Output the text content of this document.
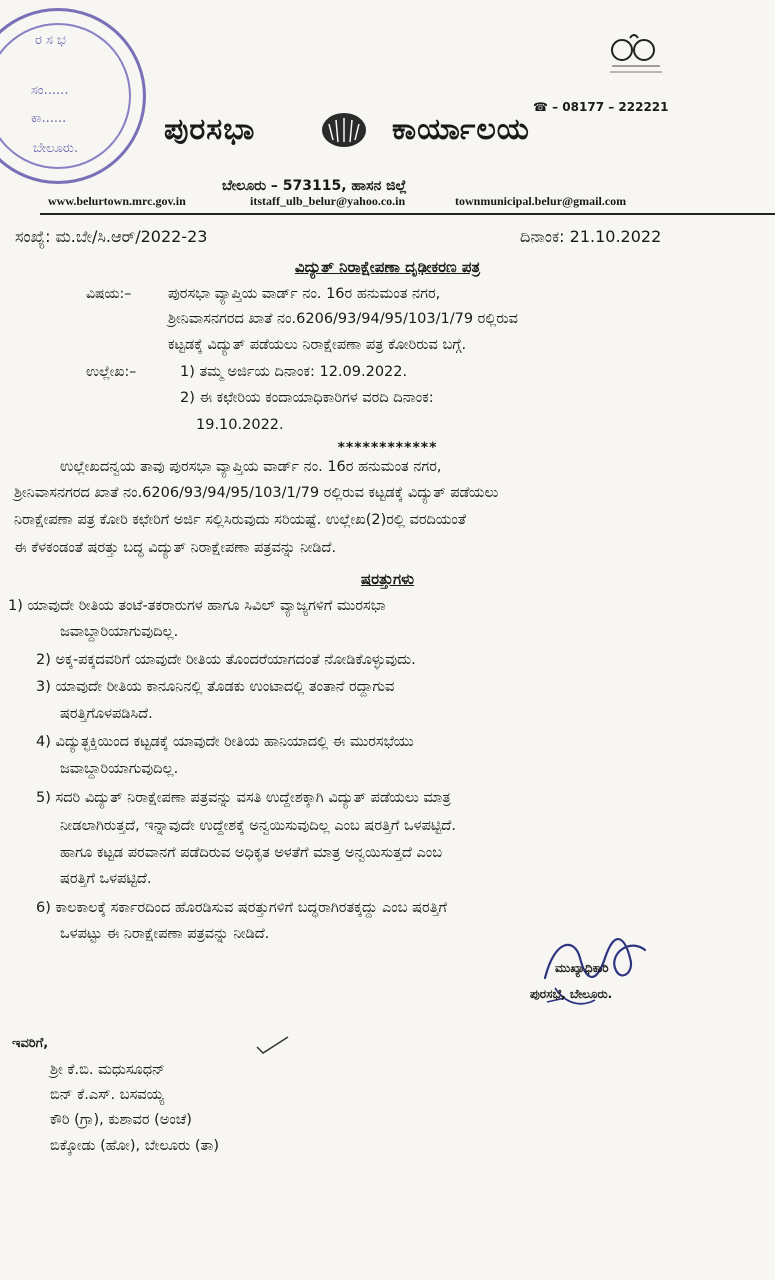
ರ ಸ ಭ
ಸಂ......
ಕಾ......
ಬೇಲೂರು.
☎ – 08177 – 222221
ಪುರಸಭಾ	ಕಾರ್ಯಾಲಯ
ಬೇಲೂರು – 573115, ಹಾಸನ ಜಿಲ್ಲೆ
www.belurtown.mrc.gov.in	itstaff_ulb_belur@yahoo.co.in	townmunicipal.belur@gmail.com
ಸಂಖ್ಯೆ: ಮ.ಬೇ/ಸಿ.ಆರ್/2022-23	ದಿನಾಂಕ: 21.10.2022
ವಿದ್ಯುತ್ ನಿರಾಕ್ಷೇಪಣಾ ದೃಢೀಕರಣ ಪತ್ರ
ವಿಷಯ:–	ಪುರಸಭಾ ವ್ಯಾಪ್ತಿಯ ವಾರ್ಡ್ ನಂ. 16ರ ಹನುಮಂತ ನಗರ,
ಶ್ರೀನಿವಾಸನಗರದ ಖಾತೆ ನಂ.6206/93/94/95/103/1/79 ರಲ್ಲಿರುವ
ಕಟ್ಟಡಕ್ಕೆ ವಿದ್ಯುತ್ ಪಡೆಯಲು ನಿರಾಕ್ಷೇಪಣಾ ಪತ್ರ ಕೋರಿರುವ ಬಗ್ಗೆ.
ಉಲ್ಲೇಖ:–	1) ತಮ್ಮ ಅರ್ಜಿಯ ದಿನಾಂಕ: 12.09.2022.
2) ಈ ಕಛೇರಿಯ ಕಂದಾಯಾಧಿಕಾರಿಗಳ ವರದಿ ದಿನಾಂಕ:
19.10.2022.
************
ಉಲ್ಲೇಖದನ್ವಯ ತಾವು ಪುರಸಭಾ ವ್ಯಾಪ್ತಿಯ ವಾರ್ಡ್ ನಂ. 16ರ ಹನುಮಂತ ನಗರ,
ಶ್ರೀನಿವಾಸನಗರದ ಖಾತೆ ನಂ.6206/93/94/95/103/1/79 ರಲ್ಲಿರುವ ಕಟ್ಟಡಕ್ಕೆ ವಿದ್ಯುತ್ ಪಡೆಯಲು
ನಿರಾಕ್ಷೇಪಣಾ ಪತ್ರ ಕೋರಿ ಕಛೇರಿಗೆ ಅರ್ಜಿ ಸಲ್ಲಿಸಿರುವುದು ಸರಿಯಷ್ಟೆ. ಉಲ್ಲೇಖ(2)ರಲ್ಲಿ ವರದಿಯಂತೆ
ಈ ಕೆಳಕಂಡಂತೆ ಷರತ್ತು ಬದ್ಧ ವಿದ್ಯುತ್ ನಿರಾಕ್ಷೇಪಣಾ ಪತ್ರವನ್ನು ನೀಡಿದೆ.
ಷರತ್ತುಗಳು
1) ಯಾವುದೇ ರೀತಿಯ ತಂಟೆ-ತಕರಾರುಗಳ ಹಾಗೂ ಸಿವಿಲ್ ವ್ಯಾಜ್ಯಗಳಿಗೆ ಮುರಸಭಾ
ಜವಾಬ್ದಾರಿಯಾಗುವುದಿಲ್ಲ.
2) ಅಕ್ಕ-ಪಕ್ಕದವರಿಗೆ ಯಾವುದೇ ರೀತಿಯ ತೊಂದರೆಯಾಗದಂತೆ ನೋಡಿಕೊಳ್ಳುವುದು.
3) ಯಾವುದೇ ರೀತಿಯ ಕಾನೂನಿನಲ್ಲಿ ತೊಡಕು ಉಂಟಾದಲ್ಲಿ ತಂತಾನೆ ರದ್ದಾಗುವ
ಷರತ್ತಿಗೊಳಪಡಿಸಿದೆ.
4) ವಿದ್ಯುತ್ಛಕ್ತಿಯಿಂದ ಕಟ್ಟಡಕ್ಕೆ ಯಾವುದೇ ರೀತಿಯ ಹಾನಿಯಾದಲ್ಲಿ ಈ ಮುರಸಭೆಯು
ಜವಾಬ್ದಾರಿಯಾಗುವುದಿಲ್ಲ.
5) ಸದರಿ ವಿದ್ಯುತ್ ನಿರಾಕ್ಷೇಪಣಾ ಪತ್ರವನ್ನು ವಸತಿ ಉದ್ದೇಶಕ್ಕಾಗಿ ವಿದ್ಯುತ್ ಪಡೆಯಲು ಮಾತ್ರ
ನೀಡಲಾಗಿರುತ್ತದೆ, ಇನ್ನಾವುದೇ ಉದ್ದೇಶಕ್ಕೆ ಅನ್ವಯಿಸುವುದಿಲ್ಲ ಎಂಬ ಷರತ್ತಿಗೆ ಒಳಪಟ್ಟಿದೆ.
ಹಾಗೂ ಕಟ್ಟಡ ಪರವಾನಗೆ ಪಡೆದಿರುವ ಅಧಿಕೃತ ಅಳತೆಗೆ ಮಾತ್ರ ಅನ್ವಯಿಸುತ್ತದೆ ಎಂಬ
ಷರತ್ತಿಗೆ ಒಳಪಟ್ಟಿದೆ.
6) ಕಾಲಕಾಲಕ್ಕೆ ಸರ್ಕಾರದಿಂದ ಹೊರಡಿಸುವ ಷರತ್ತುಗಳಿಗೆ ಬದ್ಧರಾಗಿರತಕ್ಕದ್ದು ಎಂಬ ಷರತ್ತಿಗೆ
ಒಳಪಟ್ಟು ಈ ನಿರಾಕ್ಷೇಪಣಾ ಪತ್ರವನ್ನು ನೀಡಿದೆ.
ಮುಖ್ಯಾಧಿಕಾರಿ
ಪುರಸಭೆ, ಬೇಲೂರು.
ಇವರಿಗೆ,
ಶ್ರೀ ಕೆ.ಬಿ. ಮಧುಸೂಧನ್
ಬಿನ್ ಕೆ.ಎಸ್. ಬಸವಯ್ಯ
ಕೌರಿ (ಗ್ರಾ), ಕುಶಾವರ (ಅಂಚೆ)
ಬಿಕ್ಕೋಡು (ಹೋ), ಬೇಲೂರು (ತಾ)
